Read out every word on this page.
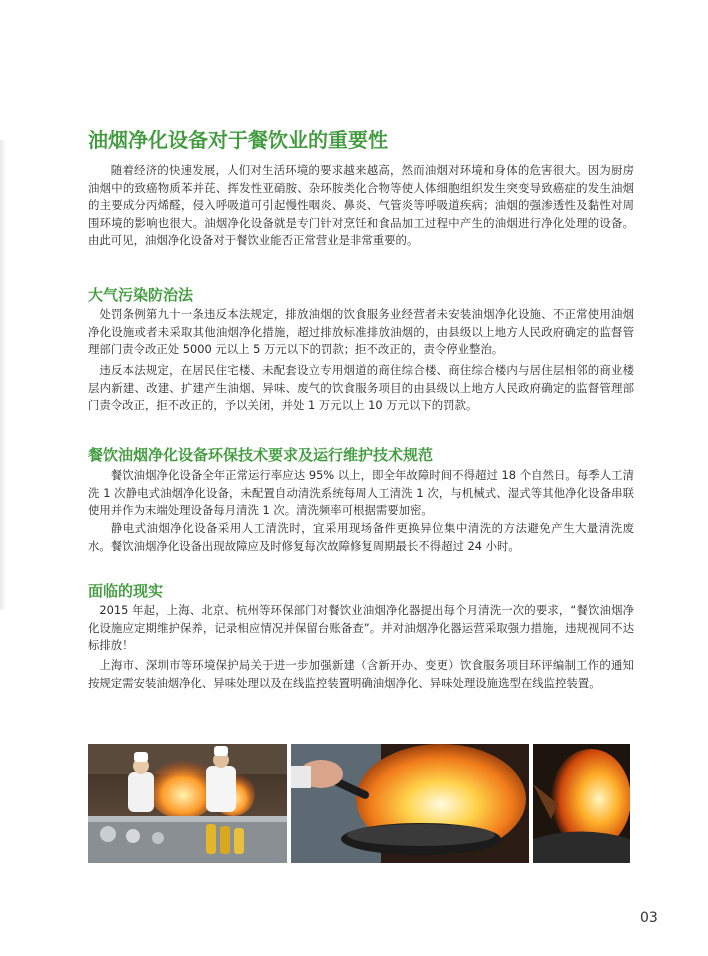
油烟净化设备对于餐饮业的重要性

随着经济的快速发展，人们对生活环境的要求越来越高，然而油烟对环境和身体的危害很大。因为厨房油烟中的致癌物质苯并芘、挥发性亚硝胺、杂环胺类化合物等使人体细胞组织发生突变导致癌症的发生油烟的主要成分丙烯醛，侵入呼吸道可引起慢性咽炎、鼻炎、气管炎等呼吸道疾病；油烟的强渗透性及黏性对周围环境的影响也很大。油烟净化设备就是专门针对烹饪和食品加工过程中产生的油烟进行净化处理的设备。由此可见，油烟净化设备对于餐饮业能否正常营业是非常重要的。

大气污染防治法

处罚条例第九十一条违反本法规定，排放油烟的饮食服务业经营者未安装油烟净化设施、不正常使用油烟净化设施或者未采取其他油烟净化措施，超过排放标准排放油烟的，由县级以上地方人民政府确定的监督管理部门责令改正处 5000 元以上 5 万元以下的罚款；拒不改正的，责令停业整治。

违反本法规定，在居民住宅楼、未配套设立专用烟道的商住综合楼、商住综合楼内与居住层相邻的商业楼层内新建、改建、扩建产生油烟、异味、废气的饮食服务项目的由县级以上地方人民政府确定的监督管理部门责令改正，拒不改正的，予以关闭，并处 1 万元以上 10 万元以下的罚款。

餐饮油烟净化设备环保技术要求及运行维护技术规范

餐饮油烟净化设备全年正常运行率应达 95% 以上，即全年故障时间不得超过 18 个自然日。每季人工清洗 1 次静电式油烟净化设备，未配置自动清洗系统每周人工清洗 1 次，与机械式、湿式等其他净化设备串联使用并作为末端处理设备每月清洗 1 次。清洗频率可根据需要加密。

静电式油烟净化设备采用人工清洗时，宜采用现场备件更换异位集中清洗的方法避免产生大量清洗废水。餐饮油烟净化设备出现故障应及时修复每次故障修复周期最长不得超过 24 小时。

面临的现实

2015 年起，上海、北京、杭州等环保部门对餐饮业油烟净化器提出每个月清洗一次的要求，“餐饮油烟净化设施应定期维护保养，记录相应情况并保留台账备查”。并对油烟净化器运营采取强力措施，违规视同不达标排放！

上海市、深圳市等环境保护局关于进一步加强新建（含新开办、变更）饮食服务项目环评编制工作的通知按规定需安装油烟净化、异味处理以及在线监控装置明确油烟净化、异味处理设施选型在线监控装置。

03
